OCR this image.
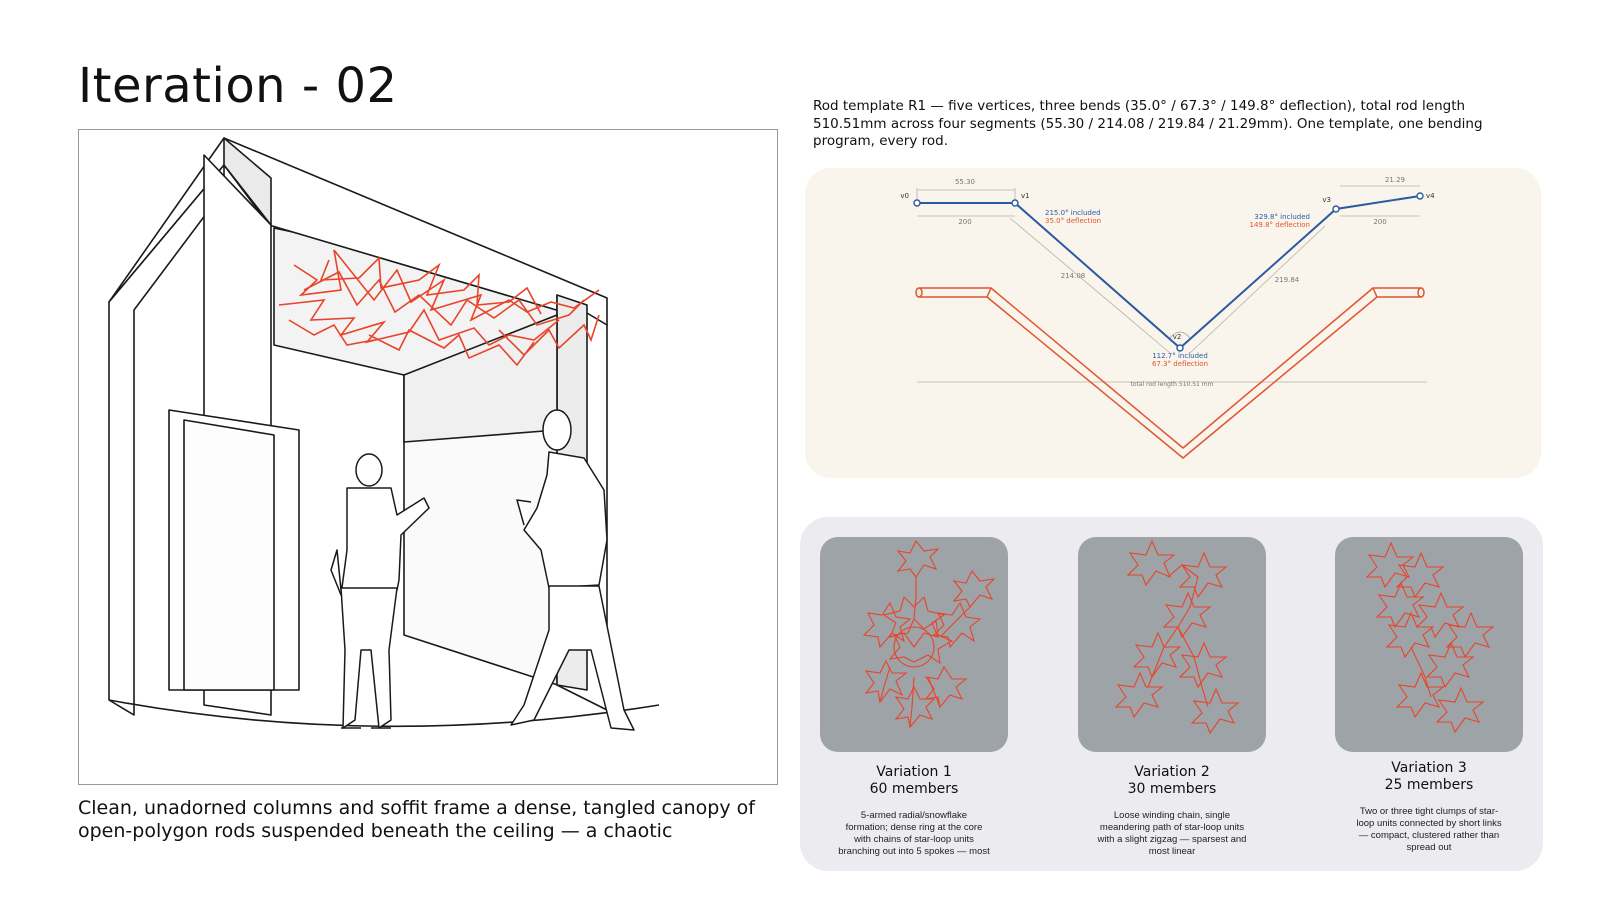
Iteration - 02

Clean, unadorned columns and soffit frame a dense, tangled canopy of open-polygon rods suspended beneath the ceiling — a chaotic

Rod template R1 — five vertices, three bends (35.0° / 67.3° / 149.8° deflection), total rod length 510.51mm across four segments (55.30 / 214.08 / 219.84 / 21.29mm). One template, one bending program, every rod.

v0	v1
v2
v3	v4
55.30
214.08	219.84
21.29
200	200
215.0° included
35.0° deflection
112.7° included
67.3° deflection
329.8° included
149.8° deflection
total rod length 510.51 mm
Variation 1
60 members
5-armed radial/snowflake
formation; dense ring at the core
with chains of star-loop units
branching out into 5 spokes — most
Variation 2
30 members
Loose winding chain, single
meandering path of star-loop units
with a slight zigzag — sparsest and
most linear
Variation 3
25 members
Two or three tight clumps of star-
loop units connected by short links
— compact, clustered rather than
spread out
